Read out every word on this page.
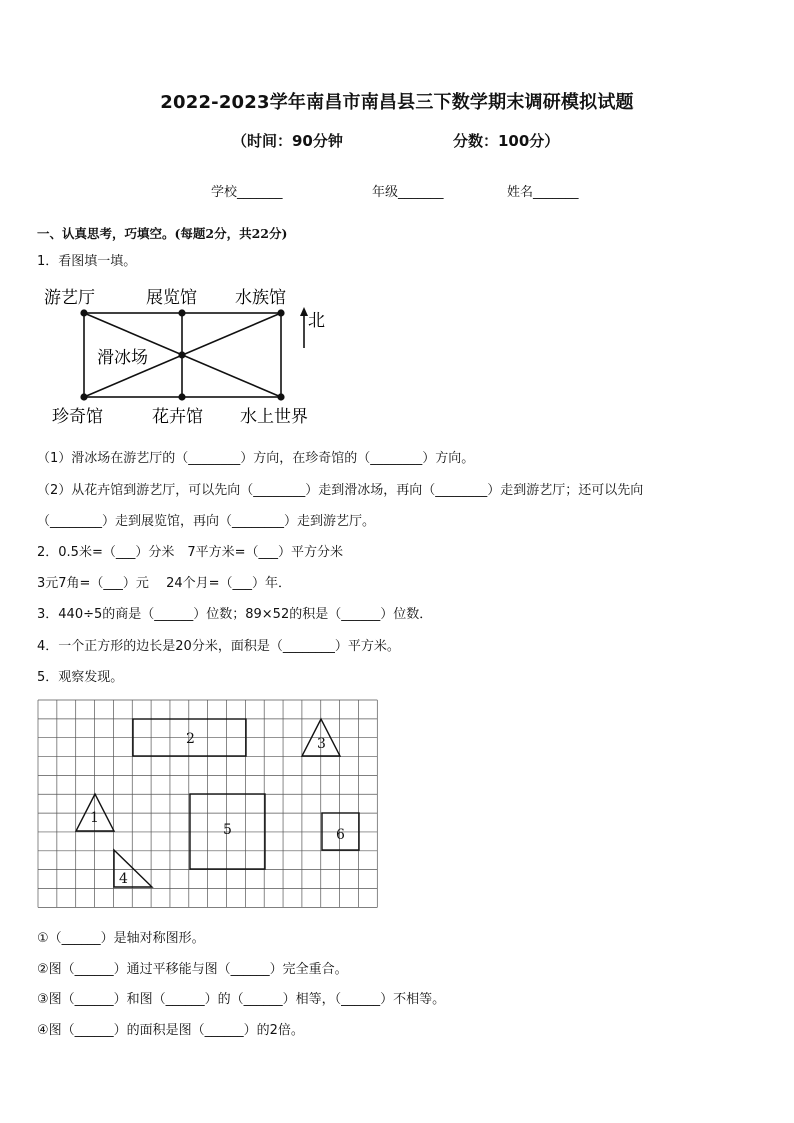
2022-2023学年南昌市南昌县三下数学期末调研模拟试题
（时间：90分钟	分数：100分）
学校_______	年级_______	姓名_______
一、认真思考，巧填空。(每题2分，共22分)
1．看图填一填。
北
游艺厅	展览馆 水族馆
滑冰场
珍奇馆	花卉馆 水上世界
（1）滑冰场在游艺厅的（________）方向，在珍奇馆的（________）方向。
（2）从花卉馆到游艺厅，可以先向（________）走到滑冰场，再向（________）走到游艺厅；还可以先向
（________）走到展览馆，再向（________）走到游艺厅。
2．0.5米=（___）分米　7平方米=（___）平方分米
3元7角=（___）元　 24个月=（___）年．
3．440÷5的商是（______）位数；89×52的积是（______）位数．
4．一个正方形的边长是20分米，面积是（________）平方米。
5．观察发现。
2	3
1
5	6
4
①（______）是轴对称图形。
②图（______）通过平移能与图（______）完全重合。
③图（______）和图（______）的（______）相等，（______）不相等。
④图（______）的面积是图（______）的2倍。
